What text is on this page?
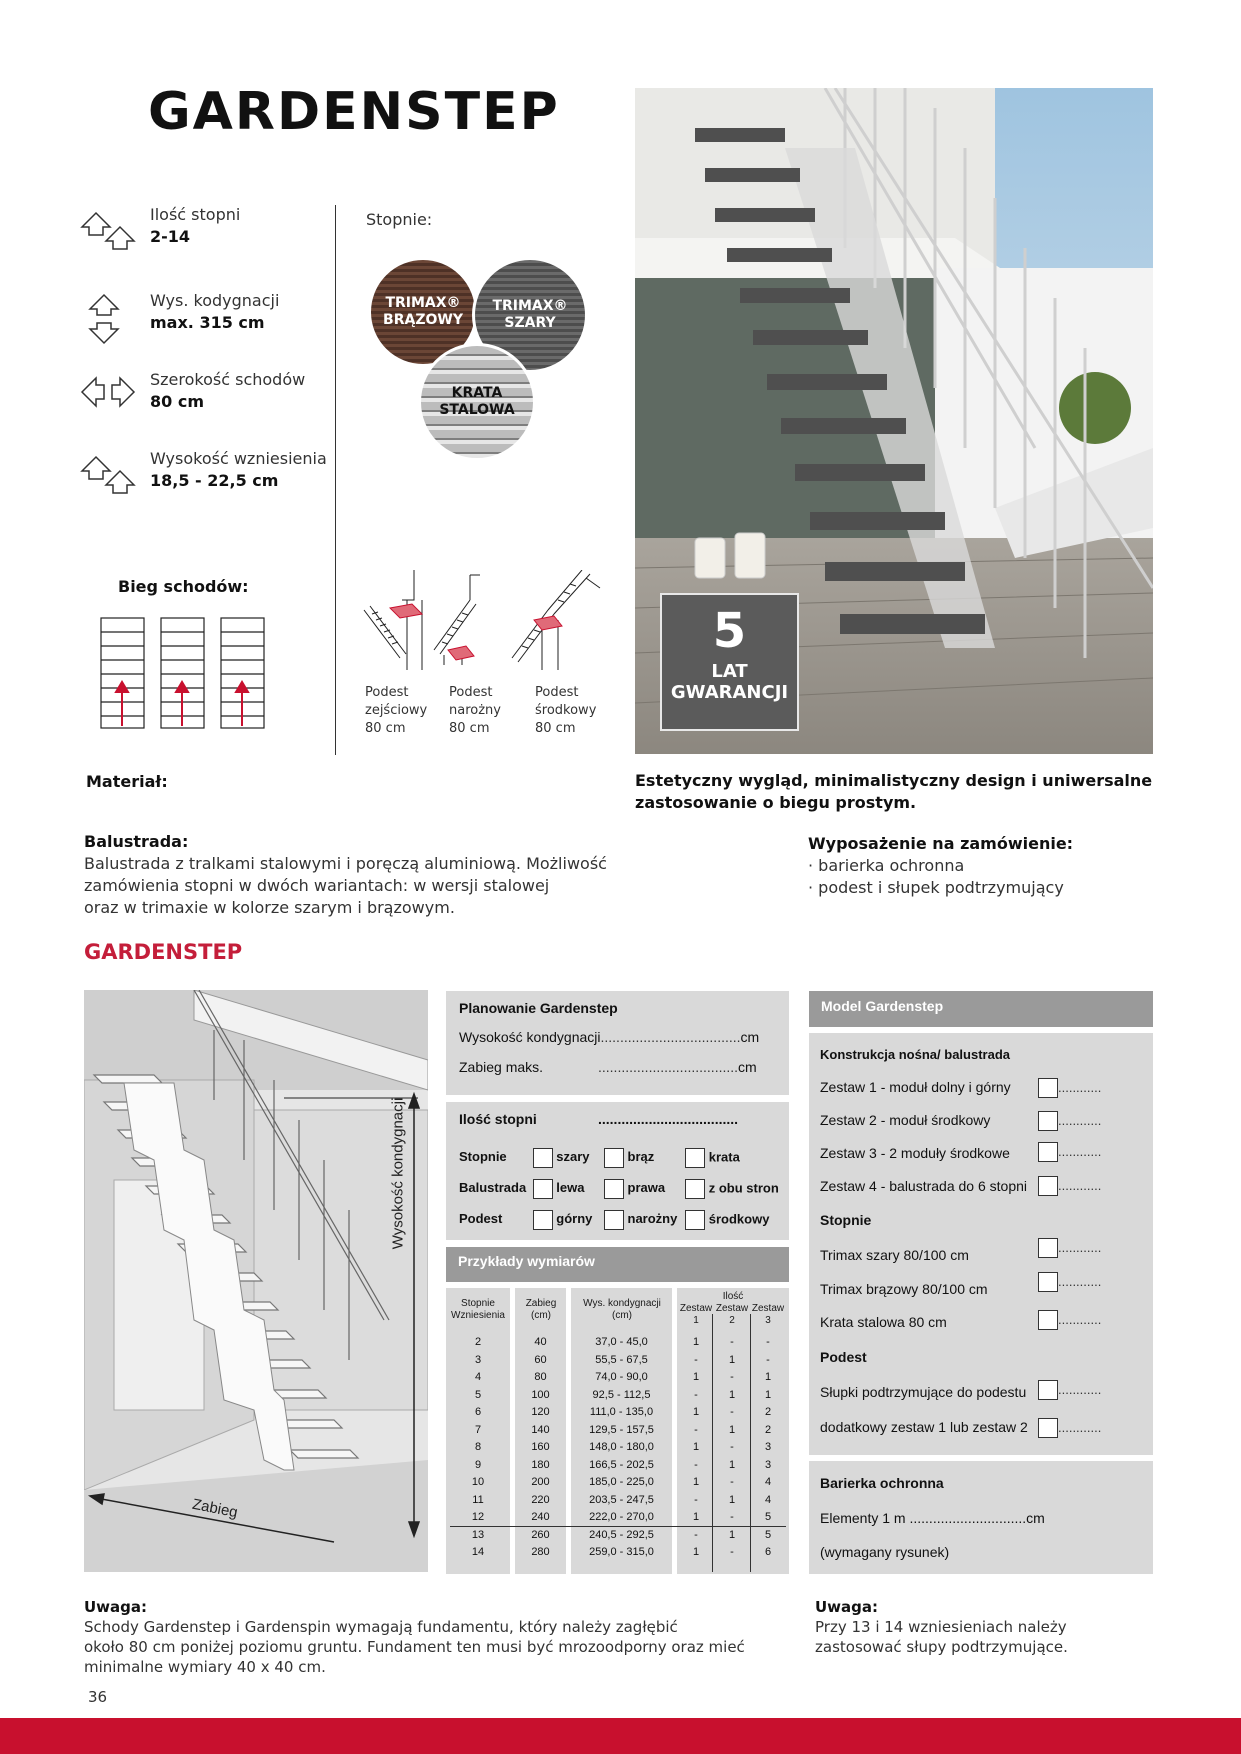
GARDENSTEP
Ilość stopni
2-14
Wys. kodygnacji
max. 315 cm
Szerokość schodów
80 cm
Wysokość wzniesienia
18,5 - 22,5 cm
Stopnie:
TRIMAX® BRĄZOWY
TRIMAX® SZARY
KRATA STALOWA
Bieg schodów:
Podest
zejściowy
80 cm
Podest
narożny
80 cm
Podest
środkowy
80 cm
5
LAT
GWARANCJI
Materiał:	Estetyczny wygląd, minimalistyczny design i uniwersalne
zastosowanie o biegu prostym.
Balustrada:
Balustrada z tralkami stalowymi i poręczą aluminiową. Możliwość
zamówienia stopni w dwóch wariantach: w wersji stalowej
oraz w trimaxie w kolorze szarym i brązowym.
Wyposażenie na zamówienie:
· barierka ochronna
· podest i słupek podtrzymujący
GARDENSTEP
Wysokość kondygnacji
Zabieg
Planowanie Gardenstep
Wysokość kondygnacji....................................cm
Zabieg maks.	....................................cm
Ilość stopni	....................................
Stopnie	szary	brąz	krata
Balustrada lewa	prawa	z obu stron
Podest	górny	narożny środkowy
Przykłady wymiarów
Stopnie Wzniesienia
Zabieg (cm)
Wys. kondygnacji (cm)
Ilość
Zestaw Zestaw Zestaw
1	2	3
2	40	37,0 - 45,0	1	-	-
3	60	55,5 - 67,5	-	1	-
4	80	74,0 - 90,0	1	-	1
5	100	92,5 - 112,5	-	1	1
6	120	111,0 - 135,0	1	-	2
7	140	129,5 - 157,5	-	1	2
8	160	148,0 - 180,0	1	-	3
9	180	166,5 - 202,5	-	1	3
10	200	185,0 - 225,0	1	-	4
11	220	203,5 - 247,5	-	1	4
12	240	222,0 - 270,0	1	-	5
13	260	240,5 - 292,5	-	1	5
14	280	259,0 - 315,0	1	-	6
Model Gardenstep
Konstrukcja nośna/ balustrada
Zestaw 1 - moduł dolny i górny	............
Zestaw 2 - moduł środkowy	............
Zestaw 3 - 2 moduły środkowe	............
Zestaw 4 - balustrada do 6 stopni	............
Stopnie
Trimax szary 80/100 cm	............
Trimax brązowy 80/100 cm	............
Krata stalowa 80 cm	............
Podest
Słupki podtrzymujące do podestu	............
dodatkowy zestaw 1 lub zestaw 2	............
Barierka ochronna
Elementy 1 m ..............................cm
(wymagany rysunek)
Uwaga:
Schody Gardenstep i Gardenspin wymagają fundamentu, który należy zagłębić
około 80 cm poniżej poziomu gruntu. Fundament ten musi być mrozoodporny oraz mieć
minimalne wymiary 40 x 40 cm.
Uwaga:
Przy 13 i 14 wzniesieniach należy
zastosować słupy podtrzymujące.
36
